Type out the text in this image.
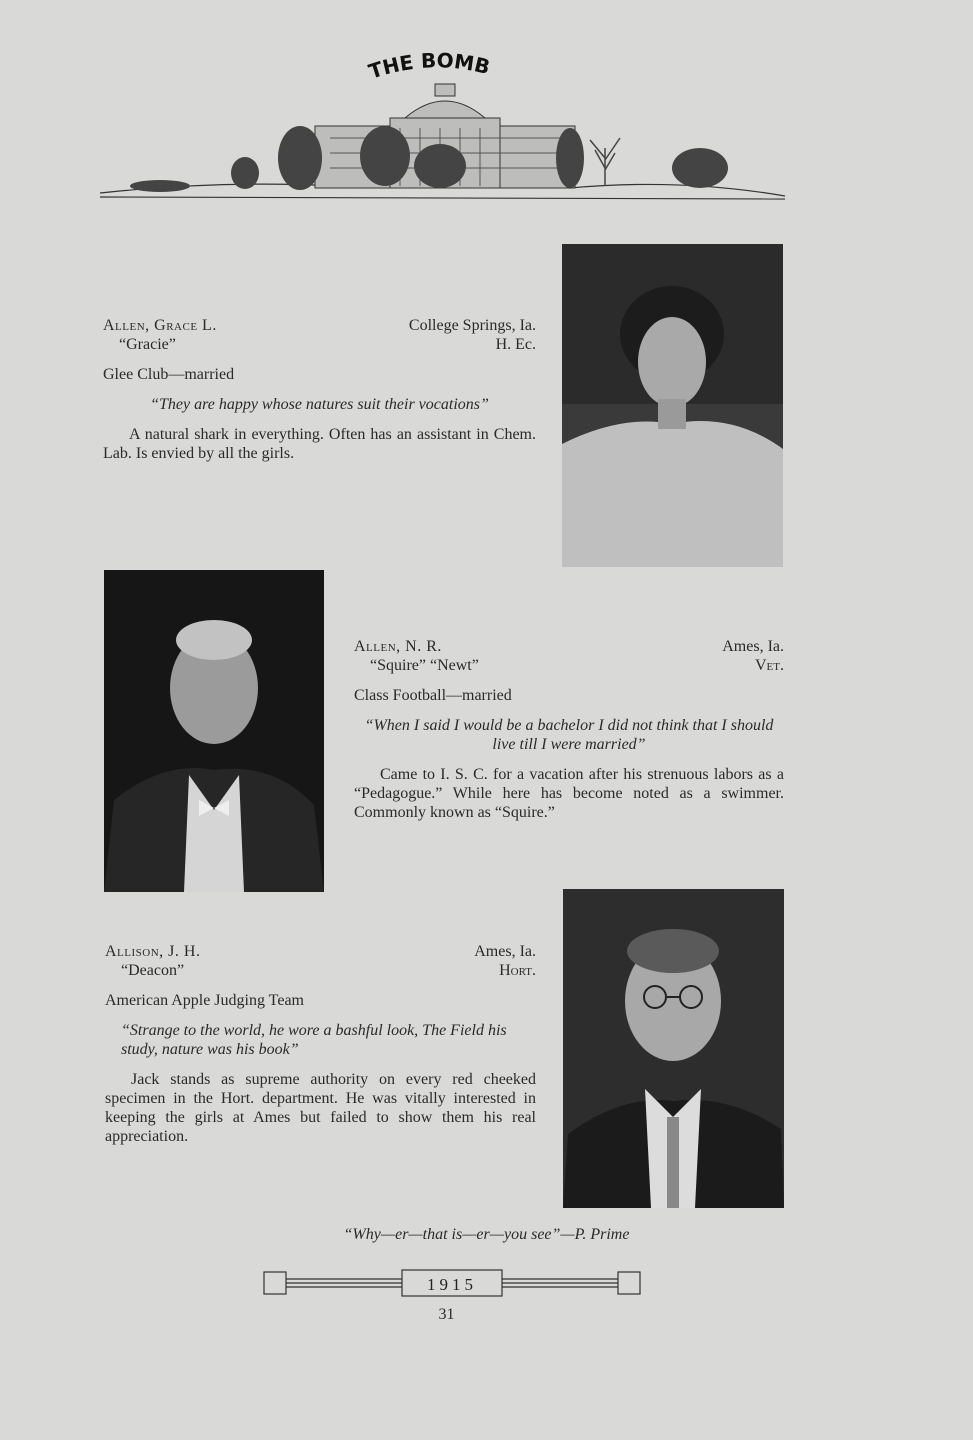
THE BOMB
Allen, Grace L.	College Springs, Ia.
“Gracie”	H. Ec.
Glee Club—married
“They are happy whose natures suit their vocations”
A natural shark in everything. Often has an assistant in Chem. Lab. Is envied by all the girls.
Allen, N. R.	Ames, Ia.
“Squire” “Newt”	Vet.
Class Football—married
“When I said I would be a bachelor I did not think that I should live till I were married”
Came to I. S. C. for a vacation after his strenuous labors as a “Pedagogue.” While here has become noted as a swimmer. Commonly known as “Squire.”
Allison, J. H.	Ames, Ia.
“Deacon”	Hort.
American Apple Judging Team
“Strange to the world, he wore a bashful look, The Field his study, nature was his book”
Jack stands as supreme authority on every red cheeked specimen in the Hort. department. He was vitally interested in keeping the girls at Ames but failed to show them his real appreciation.
“Why—er—that is—er—you see”—P. Prime
1915
31
